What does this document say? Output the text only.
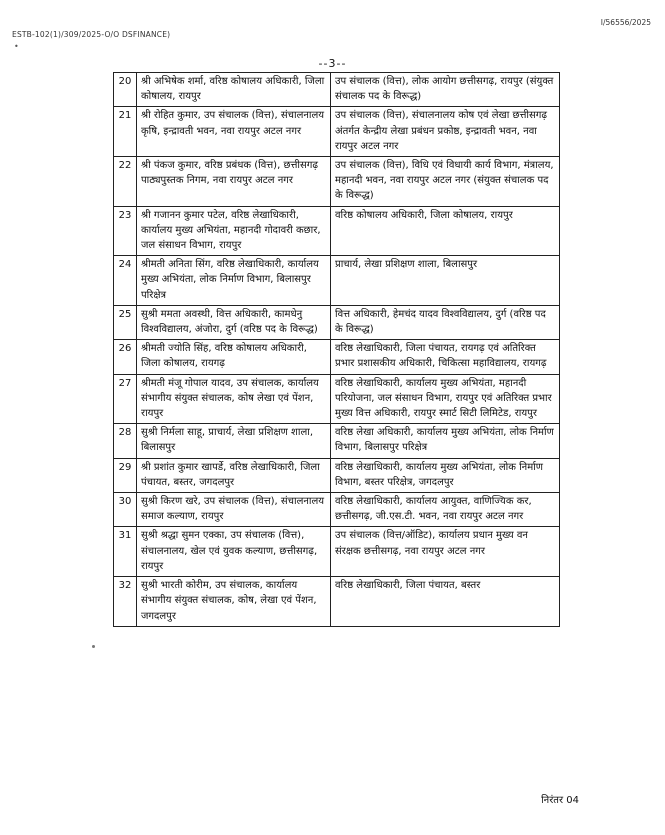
ESTB-102(1)/309/2025-O/O DSFINANCE)
I/56556/2025
•
--3--
20	श्री अभिषेक शर्मा, वरिष्ठ कोषालय अधिकारी, जिला कोषालय, रायपुर	उप संचालक (वित्त), लोक आयोग छत्तीसगढ़, रायपुर (संयुक्त संचालक पद के विरूद्ध)
21	श्री रोहित कुमार, उप संचालक (वित्त), संचालनालय कृषि, इन्द्रावती भवन, नवा रायपुर अटल नगर	उप संचालक (वित्त), संचालनालय कोष एवं लेखा छत्तीसगढ़ अंतर्गत केन्द्रीय लेखा प्रबंधन प्रकोष्ठ, इन्द्रावती भवन, नवा रायपुर अटल नगर
22	श्री पंकज कुमार, वरिष्ठ प्रबंधक (वित्त), छत्तीसगढ़ पाठ्यपुस्तक निगम, नवा रायपुर अटल नगर	उप संचालक (वित्त), विधि एवं विधायी कार्य विभाग, मंत्रालय, महानदी भवन, नवा रायपुर अटल नगर (संयुक्त संचालक पद के विरूद्ध)
23	श्री गजानन कुमार पटेल, वरिष्ठ लेखाधिकारी, कार्यालय मुख्य अभियंता, महानदी गोदावरी कछार, जल संसाधन विभाग, रायपुर	वरिष्ठ कोषालय अधिकारी, जिला कोषालय, रायपुर
24	श्रीमती अनिता सिंग, वरिष्ठ लेखाधिकारी, कार्यालय मुख्य अभियंता, लोक निर्माण विभाग, बिलासपुर परिक्षेत्र	प्राचार्य, लेखा प्रशिक्षण शाला, बिलासपुर
25	सुश्री ममता अवस्थी, वित्त अधिकारी, कामधेनु विश्वविद्यालय, अंजोरा, दुर्ग (वरिष्ठ पद के विरूद्ध)	वित्त अधिकारी, हेमचंद यादव विश्वविद्यालय, दुर्ग (वरिष्ठ पद के विरूद्ध)
26	श्रीमती ज्योति सिंह, वरिष्ठ कोषालय अधिकारी, जिला कोषालय, रायगढ़	वरिष्ठ लेखाधिकारी, जिला पंचायत, रायगढ़ एवं अतिरिक्त प्रभार प्रशासकीय अधिकारी, चिकित्सा महाविद्यालय, रायगढ़
27	श्रीमती मंजू गोपाल यादव, उप संचालक, कार्यालय संभागीय संयुक्त संचालक, कोष लेखा एवं पेंशन, रायपुर	वरिष्ठ लेखाधिकारी, कार्यालय मुख्य अभियंता, महानदी परियोजना, जल संसाधन विभाग, रायपुर एवं अतिरिक्त प्रभार मुख्य वित्त अधिकारी, रायपुर स्मार्ट सिटी लिमिटेड, रायपुर
28	सुश्री निर्मला साहू, प्राचार्य, लेखा प्रशिक्षण शाला, बिलासपुर	वरिष्ठ लेखा अधिकारी, कार्यालय मुख्य अभियंता, लोक निर्माण विभाग, बिलासपुर परिक्षेत्र
29	श्री प्रशांत कुमार खापर्डे, वरिष्ठ लेखाधिकारी, जिला पंचायत, बस्तर, जगदलपुर	वरिष्ठ लेखाधिकारी, कार्यालय मुख्य अभियंता, लोक निर्माण विभाग, बस्तर परिक्षेत्र, जगदलपुर
30	सुश्री किरण खरे, उप संचालक (वित्त), संचालनालय समाज कल्याण, रायपुर	वरिष्ठ लेखाधिकारी, कार्यालय आयुक्त, वाणिज्यिक कर, छत्तीसगढ़, जी.एस.टी. भवन, नवा रायपुर अटल नगर
31	सुश्री श्रद्धा सुमन एक्का, उप संचालक (वित्त), संचालनालय, खेल एवं युवक कल्याण, छत्तीसगढ़, रायपुर	उप संचालक (वित्त/ऑडिट), कार्यालय प्रधान मुख्य वन संरक्षक छत्तीसगढ़, नवा रायपुर अटल नगर
32	सुश्री भारती कोरीम, उप संचालक, कार्यालय संभागीय संयुक्त संचालक, कोष, लेखा एवं पेंशन, जगदलपुर	वरिष्ठ लेखाधिकारी, जिला पंचायत, बस्तर
निरंतर 04
